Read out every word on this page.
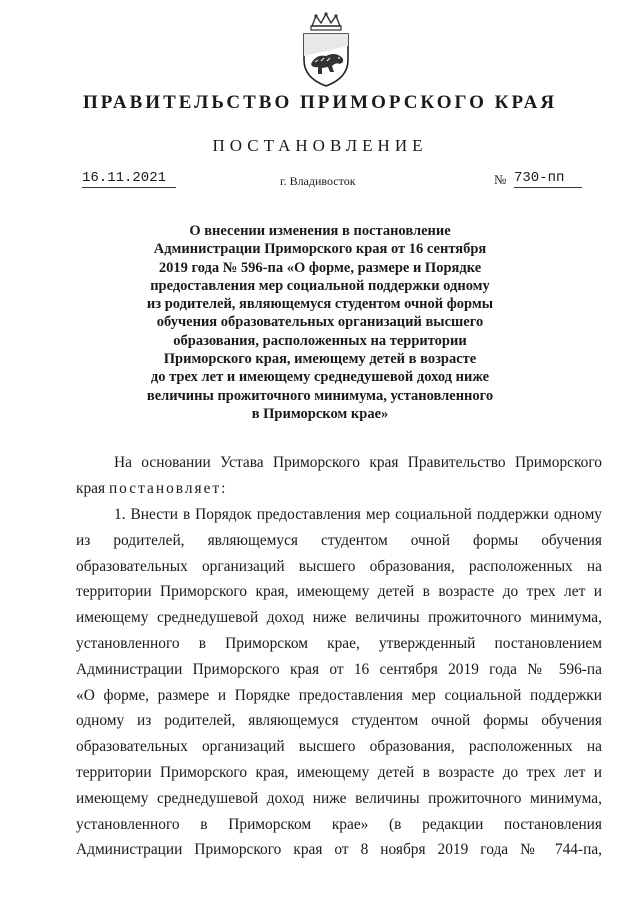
ПРАВИТЕЛЬСТВО ПРИМОРСКОГО КРАЯ
ПОСТАНОВЛЕНИЕ
16.11.2021	г. Владивосток	№ 730-пп
О внесении изменения в постановление
Администрации Приморского края от 16 сентября
2019 года № 596-па «О форме, размере и Порядке
предоставления мер социальной поддержки одному
из родителей, являющемуся студентом очной формы
обучения образовательных организаций высшего
образования, расположенных на территории
Приморского края, имеющему детей в возрасте
до трех лет и имеющему среднедушевой доход ниже
величины прожиточного минимума, установленного
в Приморском крае»
На основании Устава Приморского края Правительство Приморского
края постановляет:
1. Внести в Порядок предоставления мер социальной поддержки одному
из родителей, являющемуся студентом очной формы обучения
образовательных организаций высшего образования, расположенных на
территории Приморского края, имеющему детей в возрасте до трех лет и
имеющему среднедушевой доход ниже величины прожиточного минимума,
установленного в Приморском крае, утвержденный постановлением
Администрации Приморского края от 16 сентября 2019 года № 596-па
«О форме, размере и Порядке предоставления мер социальной поддержки
одному из родителей, являющемуся студентом очной формы обучения
образовательных организаций высшего образования, расположенных на
территории Приморского края, имеющему детей в возрасте до трех лет и
имеющему среднедушевой доход ниже величины прожиточного минимума,
установленного в Приморском крае» (в редакции постановления
Администрации Приморского края от 8 ноября 2019 года № 744-па,
